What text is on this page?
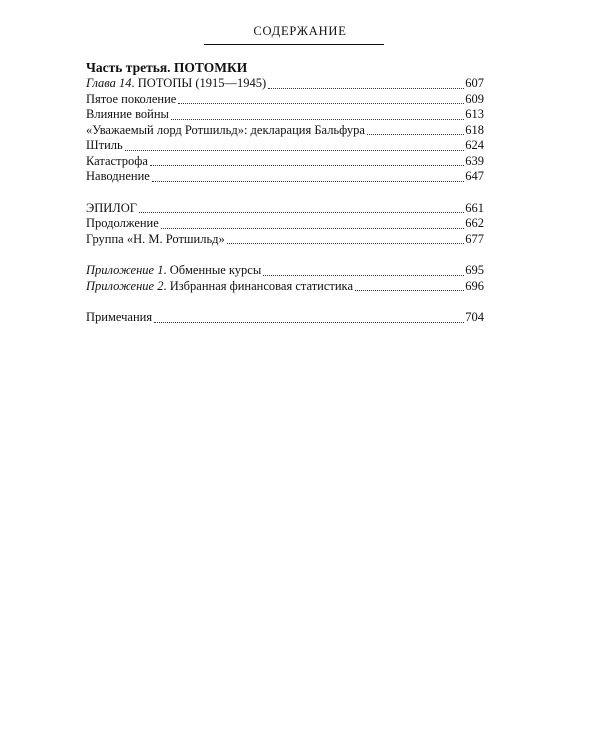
СОДЕРЖАНИЕ
Часть третья. ПОТОМКИ
Глава 14. ПОТОПЫ (1915—1945)	607
Пятое поколение	609
Влияние войны	613
«Уважаемый лорд Ротшильд»: декларация Бальфура	618
Штиль	624
Катастрофа	639
Наводнение	647
ЭПИЛОГ	661
Продолжение	662
Группа «Н. М. Ротшильд»	677
Приложение 1. Обменные курсы	695
Приложение 2. Избранная финансовая статистика	696
Примечания	704
